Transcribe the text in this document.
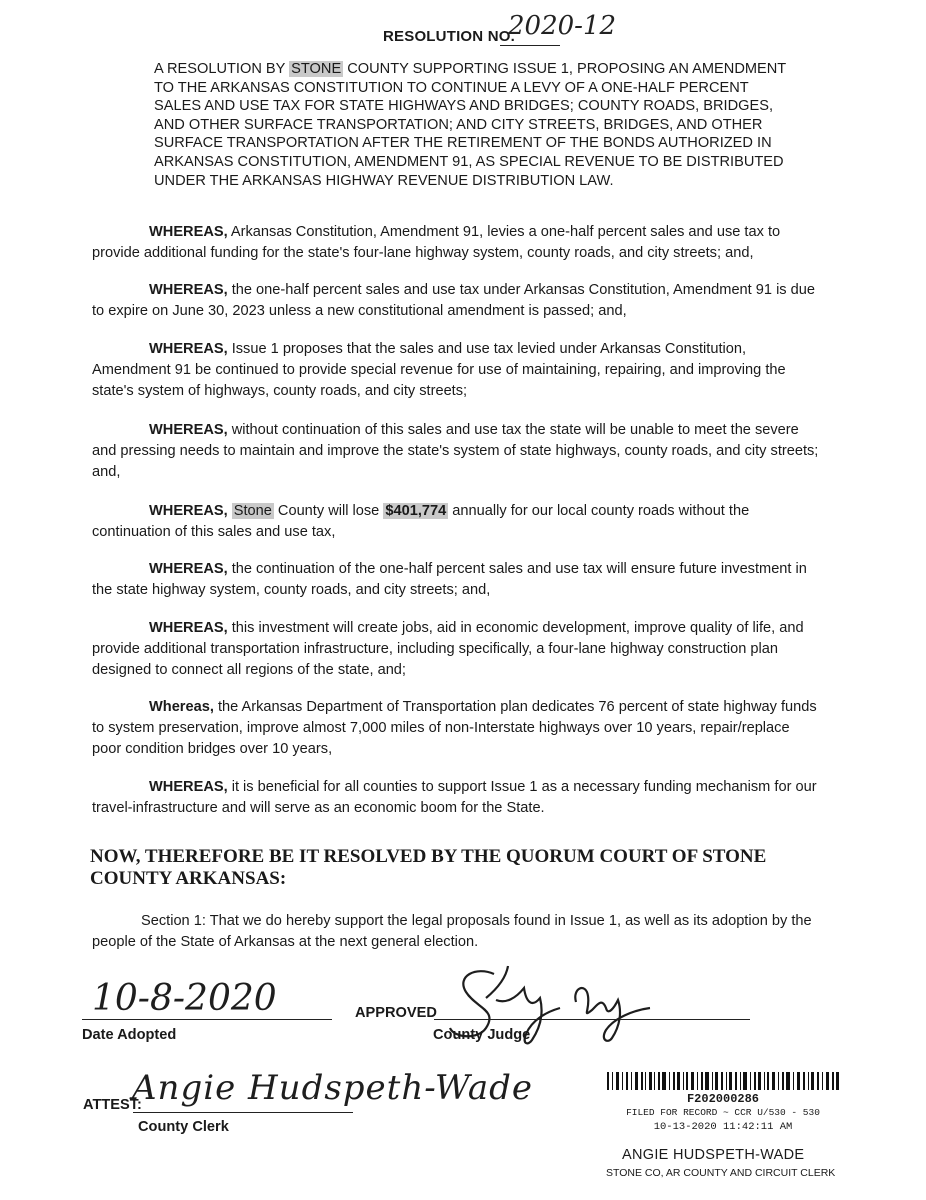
RESOLUTION NO.
2020-12
A RESOLUTION BY STONE COUNTY SUPPORTING ISSUE 1, PROPOSING AN AMENDMENT TO THE ARKANSAS CONSTITUTION TO CONTINUE A LEVY OF A ONE-HALF PERCENT SALES AND USE TAX FOR STATE HIGHWAYS AND BRIDGES; COUNTY ROADS, BRIDGES, AND OTHER SURFACE TRANSPORTATION; AND CITY STREETS, BRIDGES, AND OTHER SURFACE TRANSPORTATION AFTER THE RETIREMENT OF THE BONDS AUTHORIZED IN ARKANSAS CONSTITUTION, AMENDMENT 91, AS SPECIAL REVENUE TO BE DISTRIBUTED UNDER THE ARKANSAS HIGHWAY REVENUE DISTRIBUTION LAW.

WHEREAS, Arkansas Constitution, Amendment 91, levies a one-half percent sales and use tax to provide additional funding for the state's four-lane highway system, county roads, and city streets; and,

WHEREAS, the one-half percent sales and use tax under Arkansas Constitution, Amendment 91 is due to expire on June 30, 2023 unless a new constitutional amendment is passed; and,

WHEREAS, Issue 1 proposes that the sales and use tax levied under Arkansas Constitution, Amendment 91 be continued to provide special revenue for use of maintaining, repairing, and improving the state's system of highways, county roads, and city streets;

WHEREAS, without continuation of this sales and use tax the state will be unable to meet the severe and pressing needs to maintain and improve the state's system of state highways, county roads, and city streets; and,

WHEREAS, Stone County will lose $401,774 annually for our local county roads without the continuation of this sales and use tax,

WHEREAS, the continuation of the one-half percent sales and use tax will ensure future investment in the state highway system, county roads, and city streets; and,

WHEREAS, this investment will create jobs, aid in economic development, improve quality of life, and provide additional transportation infrastructure, including specifically, a four-lane highway construction plan designed to connect all regions of the state, and;

Whereas, the Arkansas Department of Transportation plan dedicates 76 percent of state highway funds to system preservation, improve almost 7,000 miles of non-Interstate highways over 10 years, repair/replace poor condition bridges over 10 years,

WHEREAS, it is beneficial for all counties to support Issue 1 as a necessary funding mechanism for our travel-infrastructure and will serve as an economic boom for the State.

NOW, THEREFORE BE IT RESOLVED BY THE QUORUM COURT OF STONE COUNTY ARKANSAS:

Section 1: That we do hereby support the legal proposals found in Issue 1, as well as its adoption by the people of the State of Arkansas at the next general election.

10-8-2020
Date Adopted
APPROVED
County Judge
ATTEST:
Angie Hudspeth-Wade
County Clerk
F202000286
FILED FOR RECORD ~ CCR U/530 - 530
10-13-2020 11:42:11 AM
ANGIE HUDSPETH-WADE
STONE CO, AR COUNTY AND CIRCUIT CLERK
